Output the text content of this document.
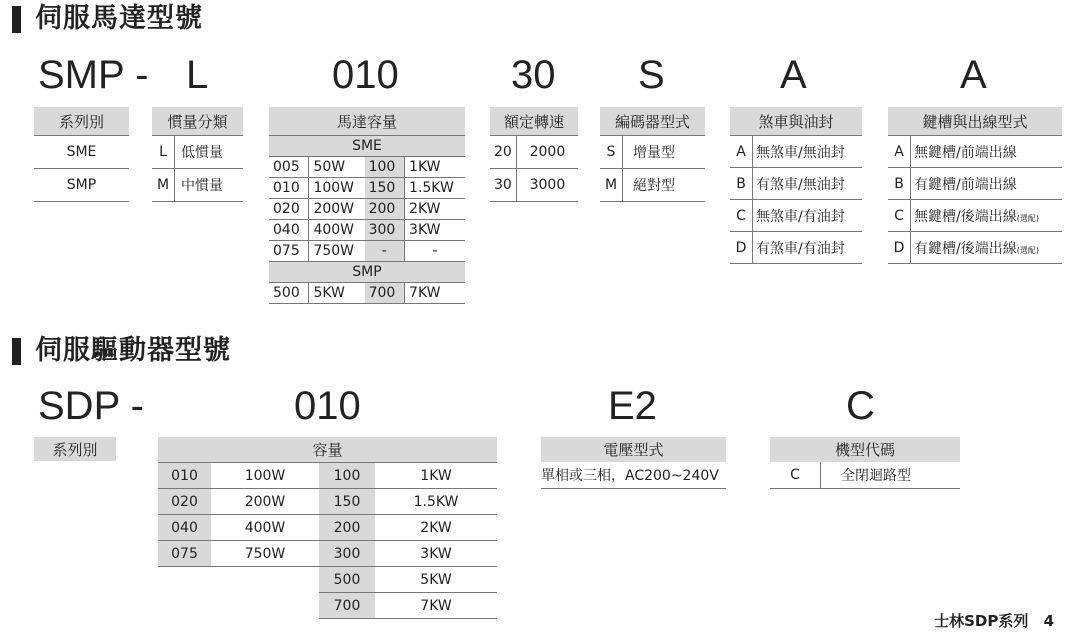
伺服馬達型號
SMP - L	010	30 S	A	A
系列別
SME
SMP
慣量分類	
L	低慣量
M	中慣量
馬達容量			
SME			
005	50W	100	1KW
010	100W	150	1.5KW
020	200W	200	2KW
040	400W	300	3KW
075	750W	-	-
SMP			
500	5KW	700	7KW
額定轉速	
20	2000
30	3000
編碼器型式	
S	增量型
M	絕對型
煞車與油封	
A	無煞車/無油封
B	有煞車/無油封
C	無煞車/有油封
D	有煞車/有油封
鍵槽與出線型式	
A	無鍵槽/前端出線
B	有鍵槽/前端出線
C	無鍵槽/後端出線(選配)
D	有鍵槽/後端出線(選配)
伺服驅動器型號
SDP -	010	E2	C
系列別	容量			
010	100W	100	1KW
020	200W	150	1.5KW
040	400W	200	2KW
075	750W	300	3KW
		500	5KW
		700	7KW
電壓型式
單相或三相，AC200~240V
機型代碼
C	全閉迴路型
士林SDP系列 4
